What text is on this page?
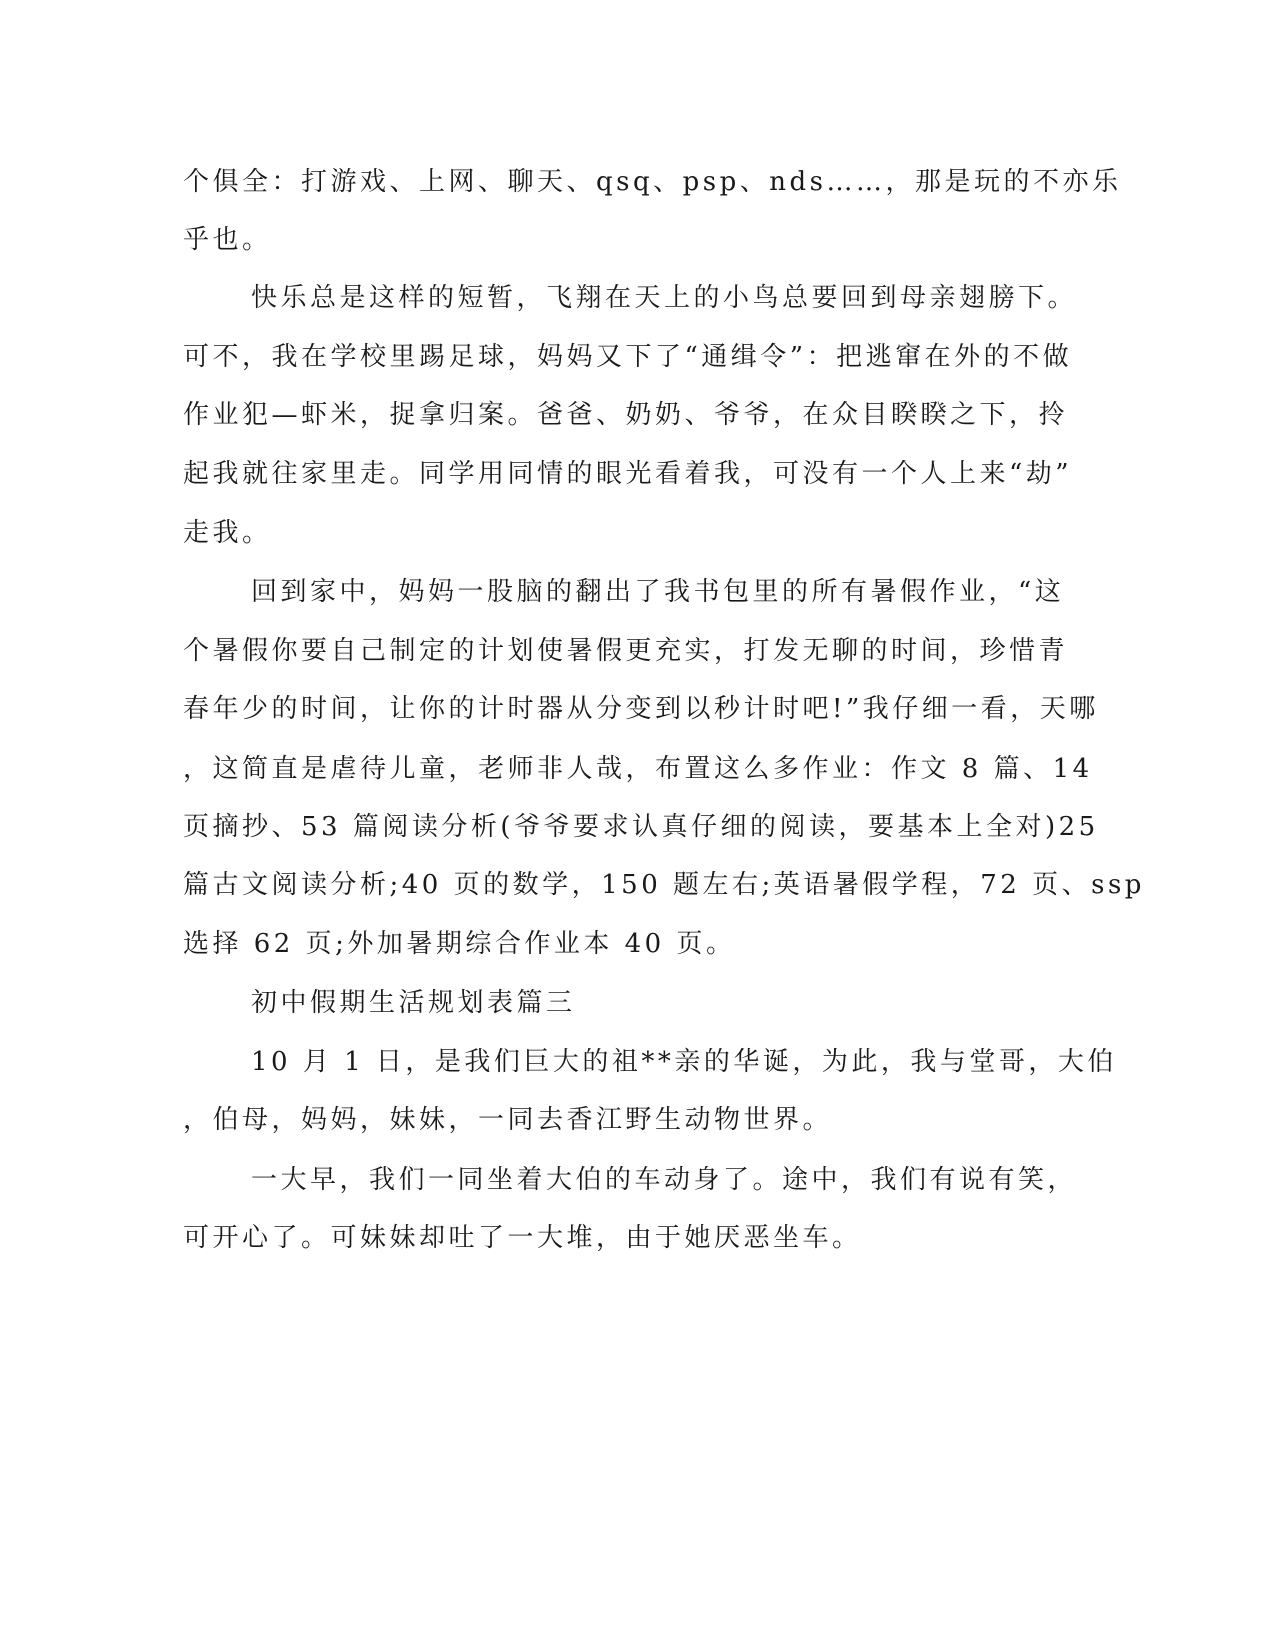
个俱全：打游戏、上网、聊天、qsq、psp、nds……，那是玩的不亦乐
乎也。
快乐总是这样的短暂，飞翔在天上的小鸟总要回到母亲翅膀下。
可不，我在学校里踢足球，妈妈又下了“通缉令”：把逃窜在外的不做
作业犯—虾米，捉拿归案。爸爸、奶奶、爷爷，在众目睽睽之下，拎
起我就往家里走。同学用同情的眼光看着我，可没有一个人上来“劫”
走我。
回到家中，妈妈一股脑的翻出了我书包里的所有暑假作业，“这
个暑假你要自己制定的计划使暑假更充实，打发无聊的时间，珍惜青
春年少的时间，让你的计时器从分变到以秒计时吧!”我仔细一看，天哪
，这简直是虐待儿童，老师非人哉，布置这么多作业：作文 8 篇、14
页摘抄、53 篇阅读分析(爷爷要求认真仔细的阅读，要基本上全对)25
篇古文阅读分析;40 页的数学，150 题左右;英语暑假学程，72 页、ssp
选择 62 页;外加暑期综合作业本 40 页。
初中假期生活规划表篇三
10 月 1 日，是我们巨大的祖**亲的华诞，为此，我与堂哥，大伯
，伯母，妈妈，妹妹，一同去香江野生动物世界。
一大早，我们一同坐着大伯的车动身了。途中，我们有说有笑，
可开心了。可妹妹却吐了一大堆，由于她厌恶坐车。
